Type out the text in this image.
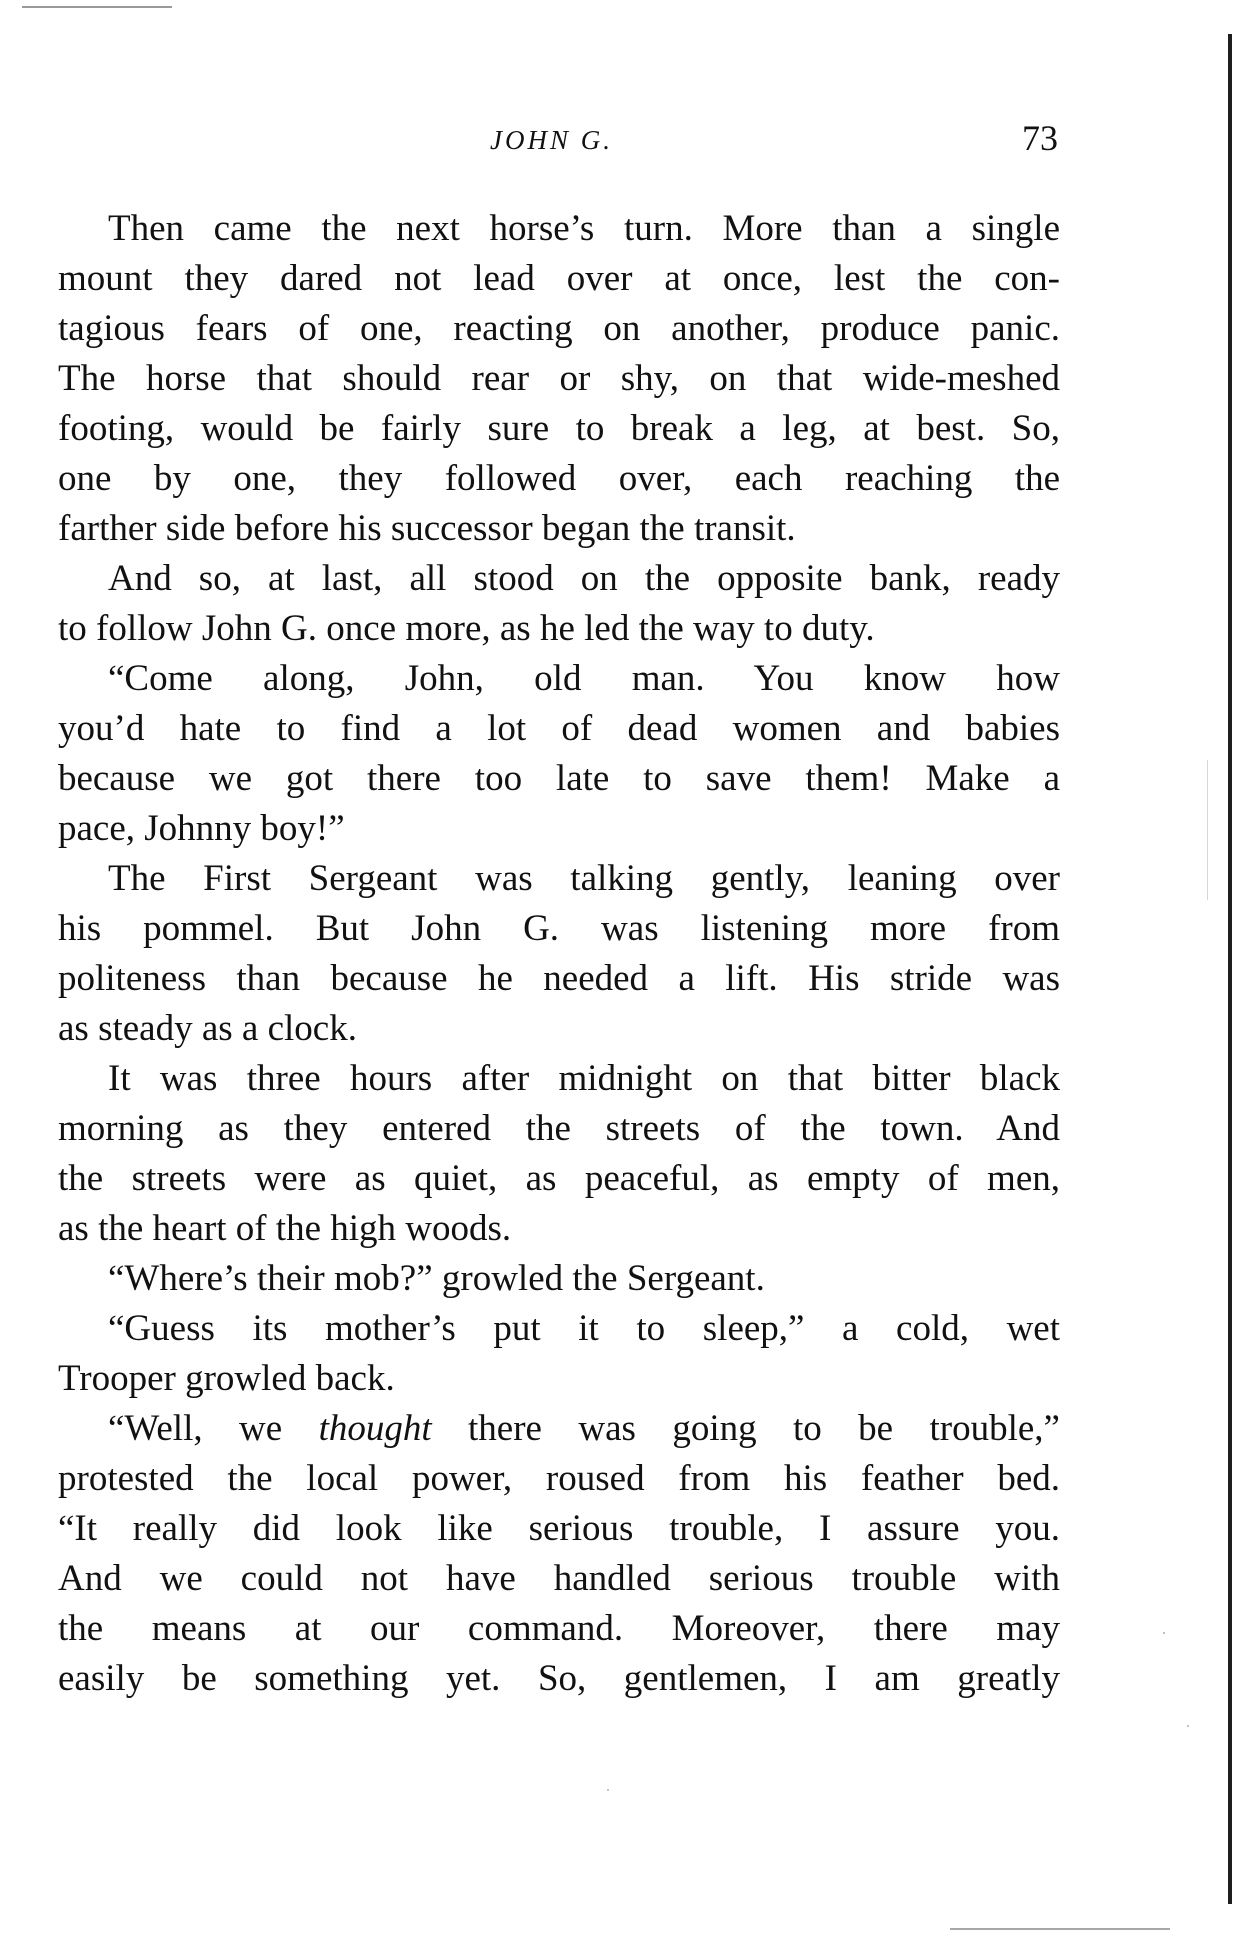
JOHN G.	73
Then came the next horse’s turn. More than a single
mount they dared not lead over at once, lest the con-
tagious fears of one, reacting on another, produce panic.
The horse that should rear or shy, on that wide-meshed
footing, would be fairly sure to break a leg, at best. So,
one by one, they followed over, each reaching the
farther side before his successor began the transit.
And so, at last, all stood on the opposite bank, ready
to follow John G. once more, as he led the way to duty.
“Come along, John, old man. You know how
you’d hate to find a lot of dead women and babies
because we got there too late to save them! Make a
pace, Johnny boy!”
The First Sergeant was talking gently, leaning over
his pommel. But John G. was listening more from
politeness than because he needed a lift. His stride was
as steady as a clock.
It was three hours after midnight on that bitter black
morning as they entered the streets of the town. And
the streets were as quiet, as peaceful, as empty of men,
as the heart of the high woods.
“Where’s their mob?” growled the Sergeant.
“Guess its mother’s put it to sleep,” a cold, wet
Trooper growled back.
“Well, we thought there was going to be trouble,”
protested the local power, roused from his feather bed.
“It really did look like serious trouble, I assure you.
And we could not have handled serious trouble with
the means at our command. Moreover, there may
easily be something yet. So, gentlemen, I am greatly
